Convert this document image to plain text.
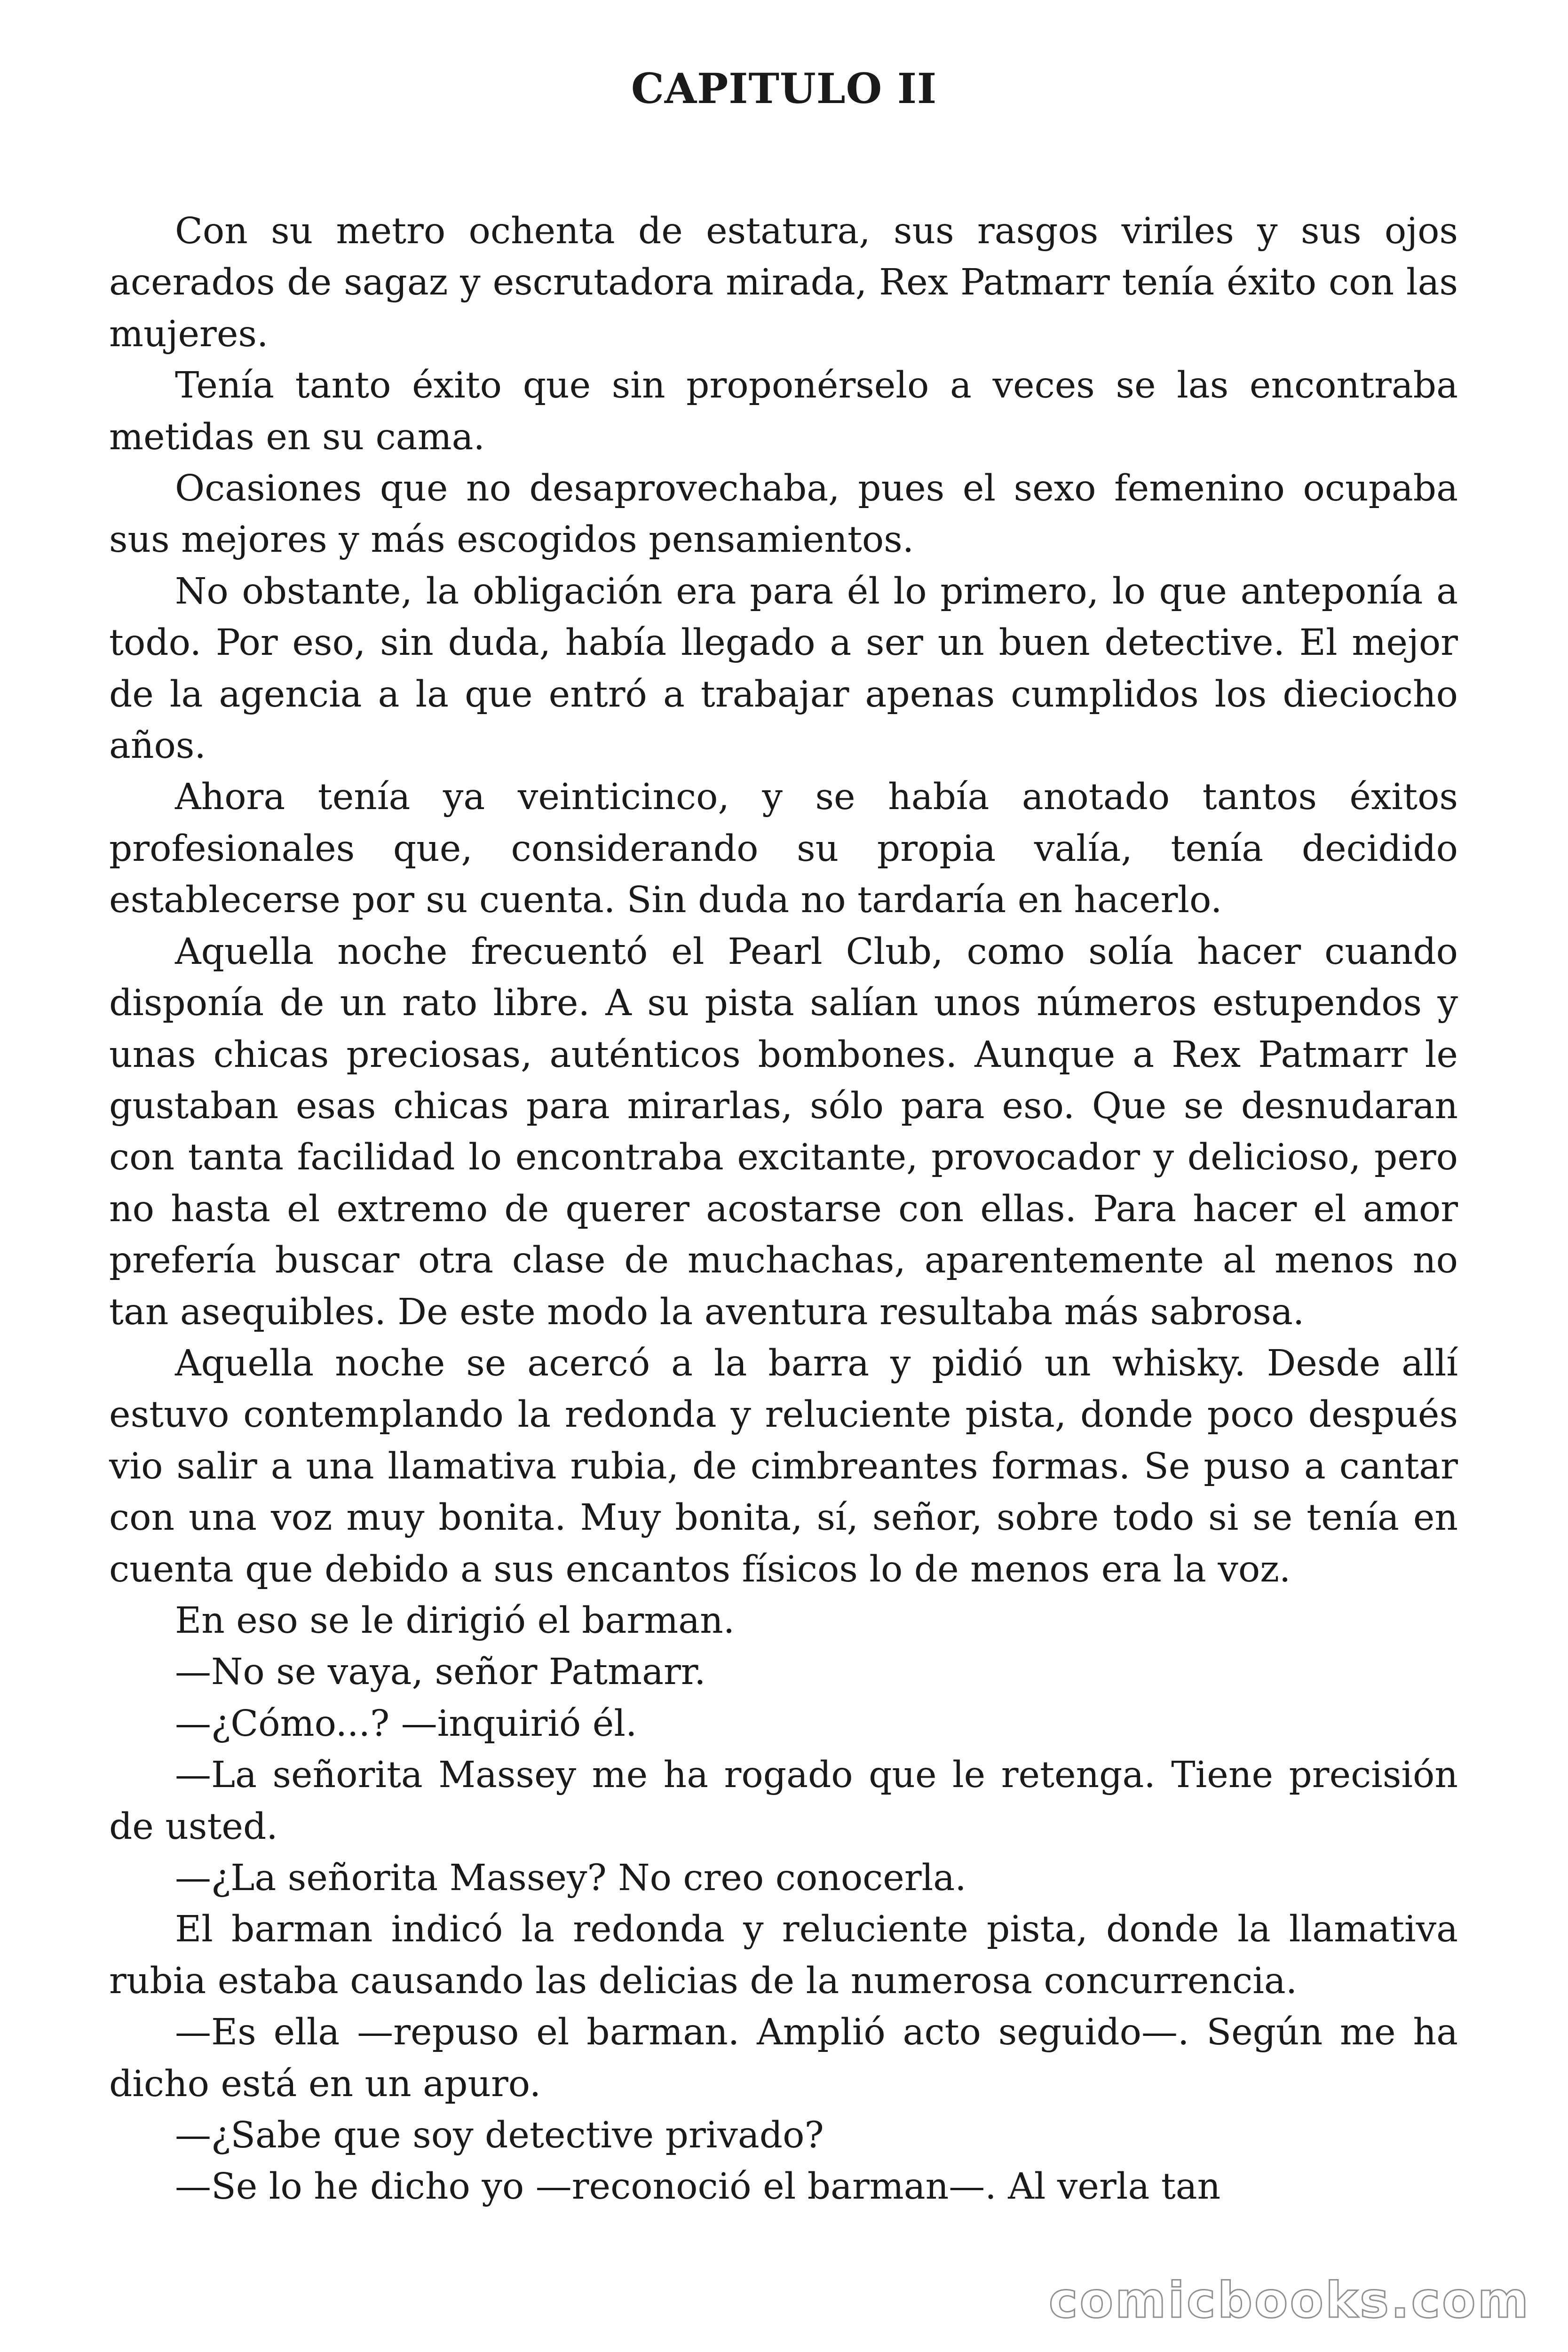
CAPITULO II

Con su metro ochenta de estatura, sus rasgos viriles y sus ojos acerados de sagaz y escrutadora mirada, Rex Patmarr tenía éxito con las mujeres.

Tenía tanto éxito que sin proponérselo a veces se las encontraba metidas en su cama.

Ocasiones que no desaprovechaba, pues el sexo femenino ocupaba sus mejores y más escogidos pensamientos.

No obstante, la obligación era para él lo primero, lo que anteponía a todo. Por eso, sin duda, había llegado a ser un buen detective. El mejor de la agencia a la que entró a trabajar apenas cumplidos los dieciocho años.

Ahora tenía ya veinticinco, y se había anotado tantos éxitos profesionales que, considerando su propia valía, tenía decidido establecerse por su cuenta. Sin duda no tardaría en hacerlo.

Aquella noche frecuentó el Pearl Club, como solía hacer cuando disponía de un rato libre. A su pista salían unos números estupendos y unas chicas preciosas, auténticos bombones. Aunque a Rex Patmarr le gustaban esas chicas para mirarlas, sólo para eso. Que se desnudaran con tanta facilidad lo encontraba excitante, provocador y delicioso, pero no hasta el extremo de querer acostarse con ellas. Para hacer el amor prefería buscar otra clase de muchachas, aparentemente al menos no tan asequibles. De este modo la aventura resultaba más sabrosa.

Aquella noche se acercó a la barra y pidió un whisky. Desde allí estuvo contemplando la redonda y reluciente pista, donde poco después vio salir a una llamativa rubia, de cimbreantes formas. Se puso a cantar con una voz muy bonita. Muy bonita, sí, señor, sobre todo si se tenía en cuenta que debido a sus encantos físicos lo de menos era la voz.

En eso se le dirigió el barman.

—No se vaya, señor Patmarr.

—¿Cómo...? —inquirió él.

—La señorita Massey me ha rogado que le retenga. Tiene precisión de usted.

—¿La señorita Massey? No creo conocerla.

El barman indicó la redonda y reluciente pista, donde la llamativa rubia estaba causando las delicias de la numerosa concurrencia.

—Es ella —repuso el barman. Amplió acto seguido—. Según me ha dicho está en un apuro.

—¿Sabe que soy detective privado?

—Se lo he dicho yo —reconoció el barman—. Al verla tan

comicbooks.com
